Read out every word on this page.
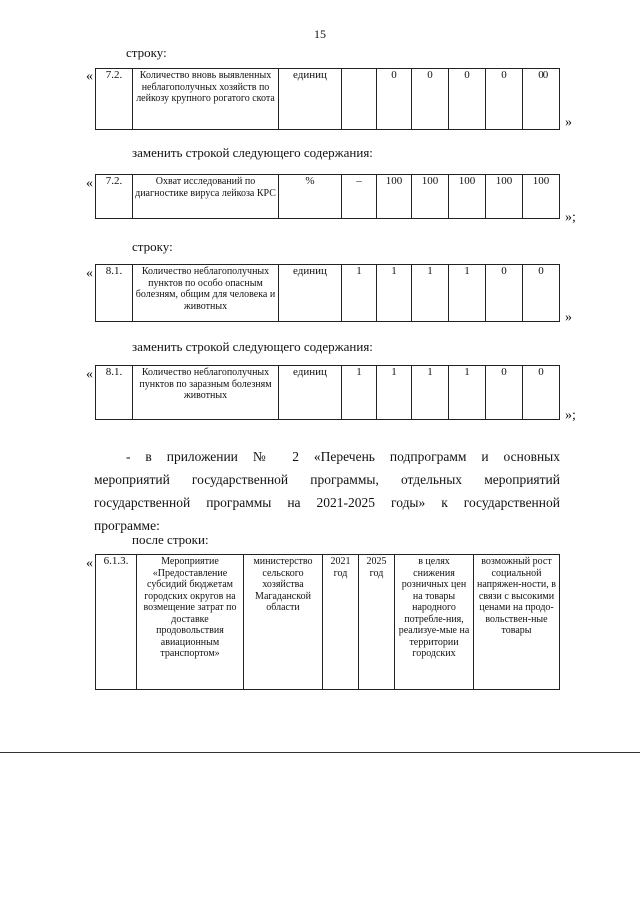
15
строку:
« 7.2.	Количество вновь выявленных неблагополучных хозяйств по лейкозу крупного рогатого скота	единиц		0	0	0	0	0 0
»
заменить строкой следующего содержания:
« 7.2.	Охват исследований по диагностике вируса лейкоза КРС	%	–	100	100	100	100	100
»;
строку:
« 8.1.	Количество неблагополучных пунктов по особо опасным болезням, общим для человека и животных	единиц	1	1	1	1	0	0
»
заменить строкой следующего содержания:
« 8.1.	Количество неблагополучных пунктов по заразным болезням животных	единиц	1	1	1	1	0	0
»;
- в приложении № 2 «Перечень подпрограмм и основных
мероприятий государственной программы, отдельных мероприятий
государственной программы на 2021-2025 годы» к государственной
программе:
после строки:
« 6.1.3.	Мероприятие «Предоставление субсидий бюджетам городских округов на возмещение затрат по доставке продовольствия авиационным транспортом»	министерство сельского хозяйства Магаданской области	2021 год	2025 год	в целях снижения розничных цен на товары народного потребле-ния, реализуе-мые на территории городских	возможный рост социальной напряжен-ности, в связи с высокими ценами на продо-вольствен-ные товары
